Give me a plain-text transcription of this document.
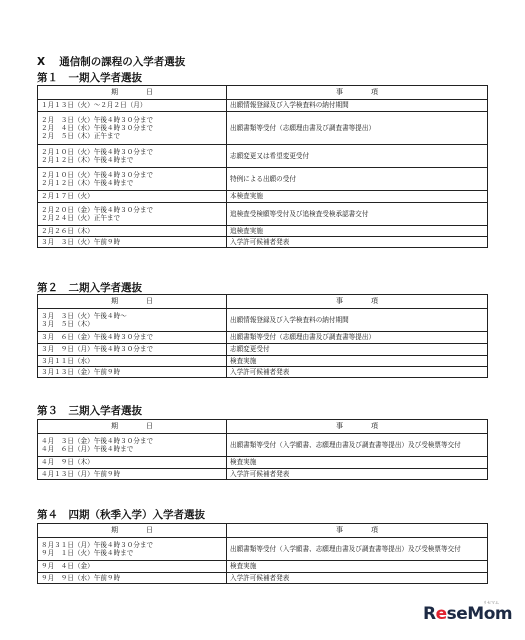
X　 通信制の課程の入学者選抜
第１　一期入学者選抜
期　　　　日	事　　　　項

１月１３日（火）～２月２日（月）	出願情報登録及び入学検査料の納付期間

２月　３日（火）午後４時３０分まで
２月　４日（水）午後４時３０分まで
２月　５日（木）正午まで	出願書類等受付（志願理由書及び調査書等提出）

２月１０日（火）午後４時３０分まで
２月１２日（木）午後４時まで	志願変更又は希望変更受付

２月１０日（火）午後４時３０分まで
２月１２日（木）午後４時まで	特例による出願の受付

２月１７日（火）	本検査実施

２月２０日（金）午後４時３０分まで
２月２４日（火）正午まで	追検査受検願等受付及び追検査受検承認書交付

２月２６日（木）	追検査実施

３月　３日（火）午前９時	入学許可候補者発表
第２　二期入学者選抜
期　　　　日	事　　　　項

３月　３日（火）午後４時～
３月　５日（木）	出願情報登録及び入学検査料の納付期間

３月　６日（金）午後４時３０分まで	出願書類等受付（志願理由書及び調査書等提出）

３月　９日（月）午後４時３０分まで	志願変更受付

３月１１日（水）	検査実施

３月１３日（金）午前９時	入学許可候補者発表
第３　三期入学者選抜
期　　　　日	事　　　　項

４月　３日（金）午後４時３０分まで
４月　６日（月）午後４時まで	出願書類等受付（入学願書、志願理由書及び調査書等提出）及び受検票等交付

４月　９日（木）	検査実施

４月１３日（月）午前９時	入学許可候補者発表
第４　四期（秋季入学）入学者選抜
期　　　　日	事　　　　項

８月３１日（月）午後４時３０分まで
９月　１日（火）午後４時まで	出願書類等受付（入学願書、志願理由書及び調査書等提出）及び受検票等交付

９月　４日（金）	検査実施

９月　９日（水）午前９時	入学許可候補者発表
ReseMom
リセマム
